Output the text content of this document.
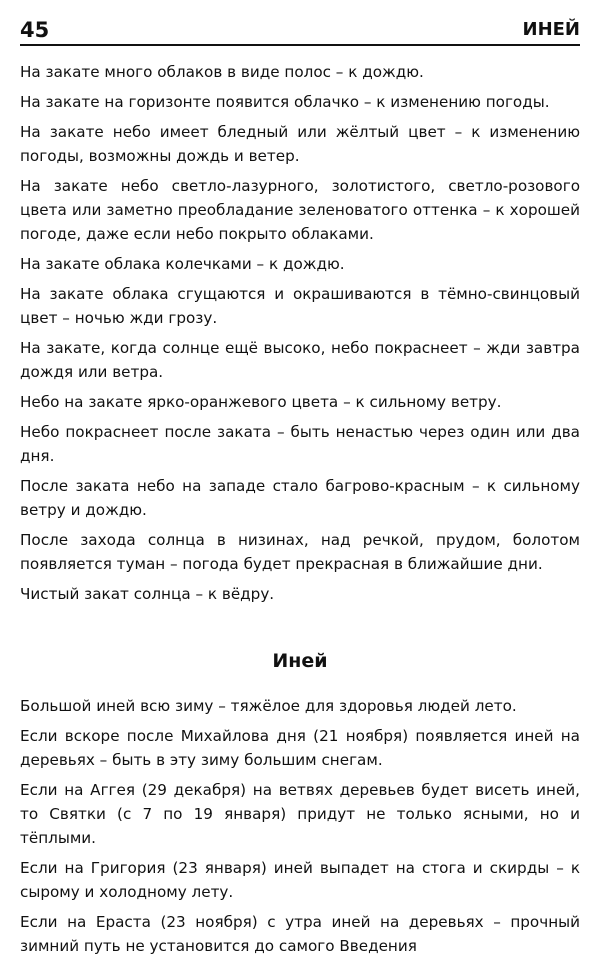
45	ИНЕЙ

На закате много облаков в виде полос – к дождю.

На закате на горизонте появится облачко – к изменению погоды.

На закате небо имеет бледный или жёлтый цвет – к изменению погоды, возможны дождь и ветер.

На закате небо светло-лазурного, золотистого, светло-розового цвета или заметно преобладание зеленоватого оттенка – к хорошей погоде, даже если небо покрыто облаками.

На закате облака колечками – к дождю.

На закате облака сгущаются и окрашиваются в тёмно-свинцовый цвет – ночью жди грозу.

На закате, когда солнце ещё высоко, небо покраснеет – жди завтра дождя или ветра.

Небо на закате ярко-оранжевого цвета – к сильному ветру.

Небо покраснеет после заката – быть ненастью через один или два дня.

После заката небо на западе стало багрово-красным – к сильному ветру и дождю.

После захода солнца в низинах, над речкой, прудом, болотом появляется туман – погода будет прекрасная в ближайшие дни.

Чистый закат солнца – к вёдру.

Иней

Большой иней всю зиму – тяжёлое для здоровья людей лето.

Если вскоре после Михайлова дня (21 ноября) появляется иней на деревьях – быть в эту зиму большим снегам.

Если на Аггея (29 декабря) на ветвях деревьев будет висеть иней, то Святки (с 7 по 19 января) придут не только ясными, но и тёплыми.

Если на Григория (23 января) иней выпадет на стога и скирды – к сырому и холодному лету.

Если на Ераста (23 ноября) с утра иней на деревьях – прочный зимний путь не установится до самого Введения
